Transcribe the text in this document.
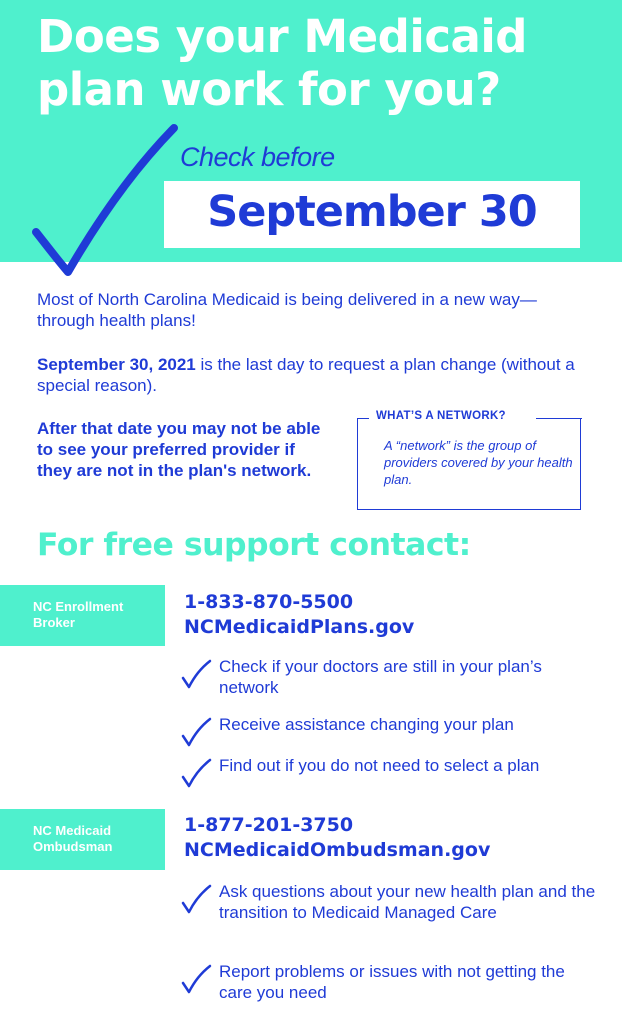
Does your Medicaid
plan work for you?
Check before
September 30

Most of North Carolina Medicaid is being delivered in a new way—through health plans!

September 30, 2021 is the last day to request a plan change (without a special reason).

After that date you may not be able to see your preferred provider if they are not in the plan's network.

WHAT’S A NETWORK?

A “network” is the group of providers covered by your health plan.

For free support contact:
NC Enrollment
Broker
1-833-870-5500
NCMedicaidPlans.gov
Check if your doctors are still in your plan’s network
Receive assistance changing your plan
Find out if you do not need to select a plan
NC Medicaid
Ombudsman
1-877-201-3750
NCMedicaidOmbudsman.gov
Ask questions about your new health plan and the transition to Medicaid Managed Care
Report problems or issues with not getting the care you need
